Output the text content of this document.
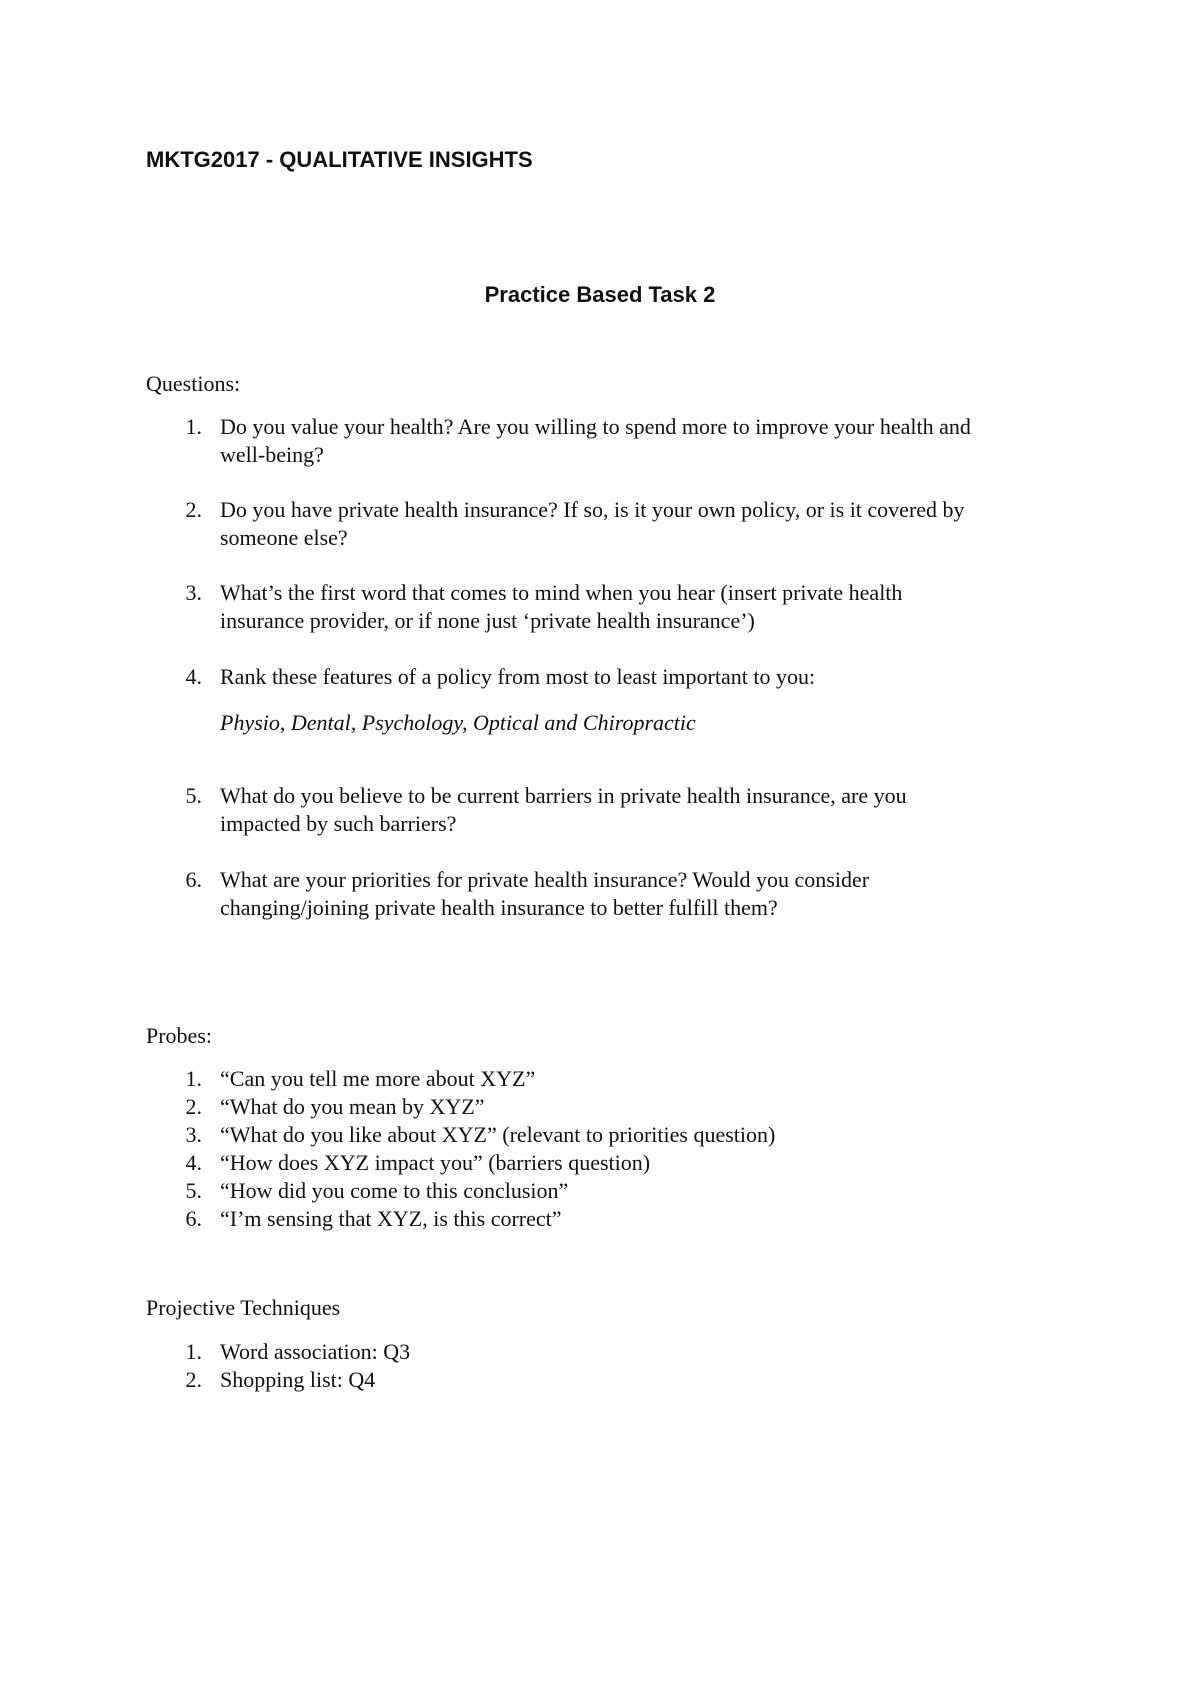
MKTG2017 - QUALITATIVE INSIGHTS
Practice Based Task 2
Questions:
1. Do you value your health? Are you willing to spend more to improve your health and
well-being?
2. Do you have private health insurance? If so, is it your own policy, or is it covered by
someone else?
3. What’s the first word that comes to mind when you hear (insert private health
insurance provider, or if none just ‘private health insurance’)
4. Rank these features of a policy from most to least important to you:
Physio, Dental, Psychology, Optical and Chiropractic
5. What do you believe to be current barriers in private health insurance, are you
impacted by such barriers?
6. What are your priorities for private health insurance? Would you consider
changing/joining private health insurance to better fulfill them?
Probes:
1. “Can you tell me more about XYZ”
2. “What do you mean by XYZ”
3. “What do you like about XYZ” (relevant to priorities question)
4. “How does XYZ impact you” (barriers question)
5. “How did you come to this conclusion”
6. “I’m sensing that XYZ, is this correct”
Projective Techniques
1. Word association: Q3
2. Shopping list: Q4
